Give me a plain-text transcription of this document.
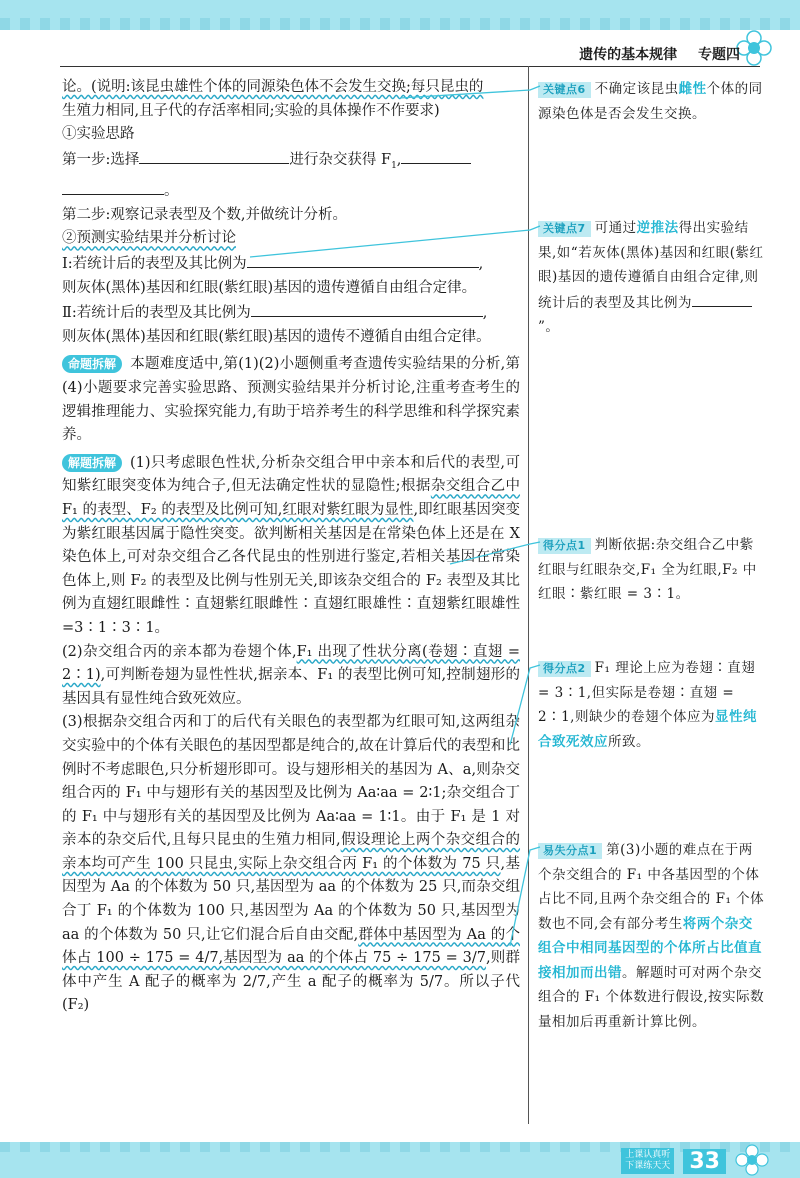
遗传的基本规律 专题四

论。(说明:该昆虫雄性个体的同源染色体不会发生交换;每只昆虫的

生殖力相同,且子代的存活率相同;实验的具体操作不作要求)

①实验思路

第一步:选择	进行杂交获得 $F_1$,

。

第二步:观察记录表型及个数,并做统计分析。

②预测实验结果并分析讨论

Ⅰ:若统计后的表型及其比例为	,

则灰体(黑体)基因和红眼(紫红眼)基因的遗传遵循自由组合定律。

Ⅱ:若统计后的表型及其比例为	,

则灰体(黑体)基因和红眼(紫红眼)基因的遗传不遵循自由组合定律。

命题拆解 本题难度适中,第(1)(2)小题侧重考查遗传实验结果的分析,第(4)小题要求完善实验思路、预测实验结果并分析讨论,注重考查考生的逻辑推理能力、实验探究能力,有助于培养考生的科学思维和科学探究素养。

解题拆解 (1)只考虑眼色性状,分析杂交组合甲中亲本和后代的表型,可知紫红眼突变体为纯合子,但无法确定性状的显隐性;根据杂交组合乙中 F₁ 的表型、F₂ 的表型及比例可知,红眼对紫红眼为显性,即红眼基因突变为紫红眼基因属于隐性突变。欲判断相关基因是在常染色体上还是在 X 染色体上,可对杂交组合乙各代昆虫的性别进行鉴定,若相关基因在常染色体上,则 F₂ 的表型及比例与性别无关,即该杂交组合的 F₂ 表型及其比例为直翅红眼雌性∶直翅紫红眼雌性∶直翅红眼雄性∶直翅紫红眼雄性 =3∶1∶3∶1。

(2)杂交组合丙的亲本都为卷翅个体,F₁ 出现了性状分离(卷翅∶直翅 = 2∶1),可判断卷翅为显性性状,据亲本、F₁ 的表型比例可知,控制翅形的基因具有显性纯合致死效应。

(3)根据杂交组合丙和丁的后代有关眼色的表型都为红眼可知,这两组杂交实验中的个体有关眼色的基因型都是纯合的,故在计算后代的表型和比例时不考虑眼色,只分析翅形即可。设与翅形相关的基因为 A、a,则杂交组合丙的 F₁ 中与翅形有关的基因型及比例为 Aa∶aa = 2∶1;杂交组合丁的 F₁ 中与翅形有关的基因型及比例为 Aa∶aa = 1∶1。由于 F₁ 是 1 对亲本的杂交后代,且每只昆虫的生殖力相同,假设理论上两个杂交组合的亲本均可产生 100 只昆虫,实际上杂交组合丙 F₁ 的个体数为 75 只,基因型为 Aa 的个体数为 50 只,基因型为 aa 的个体数为 25 只,而杂交组合丁 F₁ 的个体数为 100 只,基因型为 Aa 的个体数为 50 只,基因型为 aa 的个体数为 50 只,让它们混合后自由交配,群体中基因型为 Aa 的个体占 100 ÷ 175 = 4/7,基因型为 aa 的个体占 75 ÷ 175 = 3/7,则群体中产生 A 配子的概率为 2/7,产生 a 配子的概率为 5/7。所以子代(F₂)

关键点6 不确定该昆虫雌性个体的同源染色体是否会发生交换。

关键点7 可通过逆推法得出实验结果,如“若灰体(黑体)基因和红眼(紫红眼)基因的遗传遵循自由组合定律,则统计后的表型及其比例为”。

得分点1 判断依据:杂交组合乙中紫红眼与红眼杂交,F₁ 全为红眼,F₂ 中红眼∶紫红眼 = 3∶1。

得分点2 F₁ 理论上应为卷翅∶直翅 = 3∶1,但实际是卷翅∶直翅 = 2∶1,则缺少的卷翅个体应为显性纯合致死效应所致。

易失分点1 第(3)小题的难点在于两个杂交组合的 F₁ 中各基因型的个体占比不同,且两个杂交组合的 F₁ 个体数也不同,会有部分考生将两个杂交组合中相同基因型的个体所占比值直接相加而出错。解题时可对两个杂交组合的 F₁ 个体数进行假设,按实际数量相加后再重新计算比例。

上课认真听
下课练天天 33
